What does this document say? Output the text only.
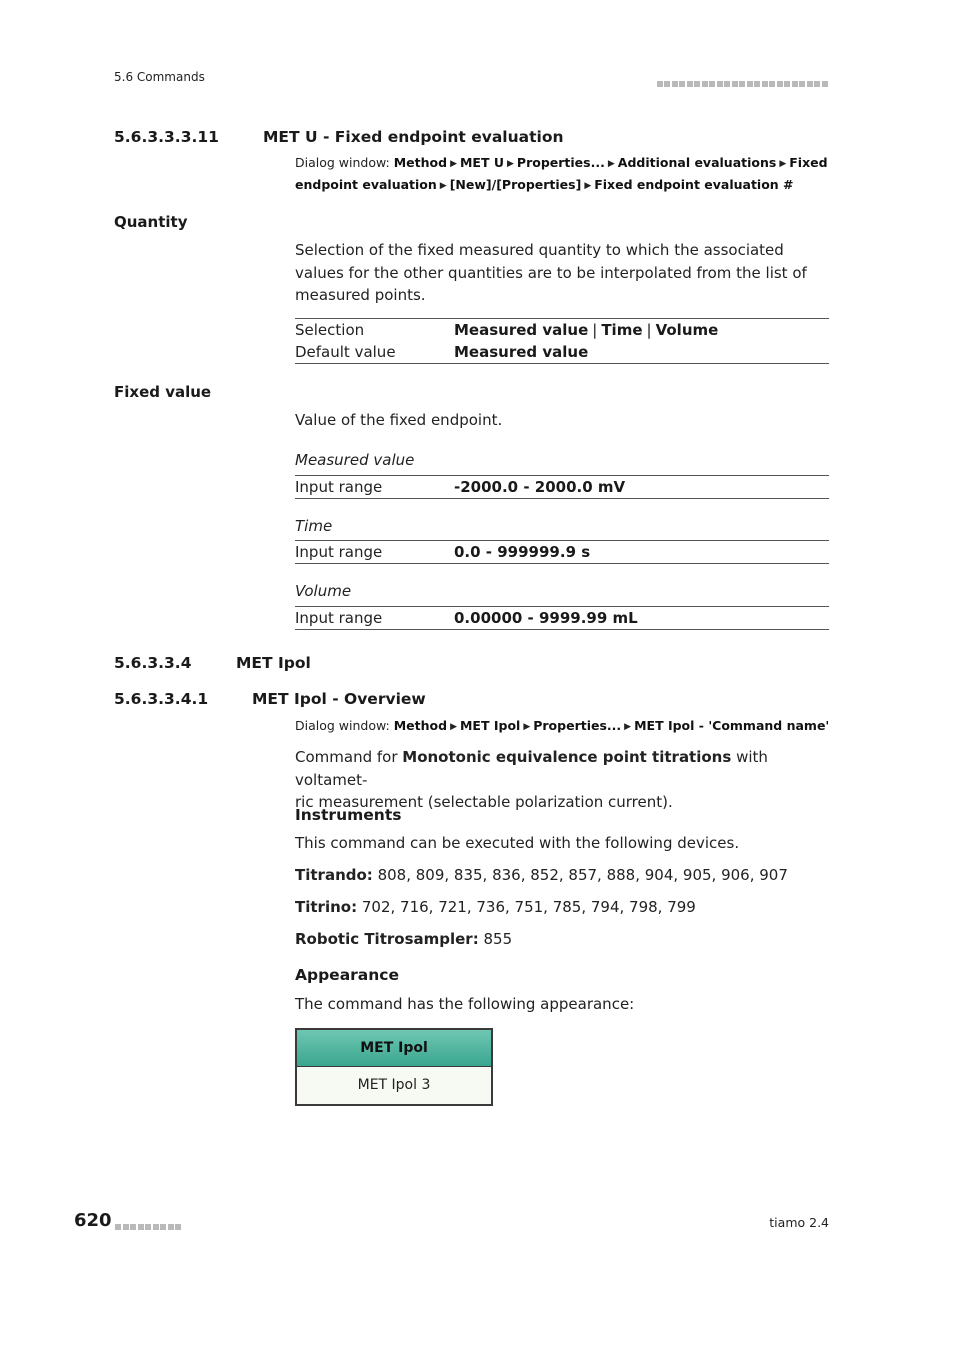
5.6 Commands
5.6.3.3.3.11	MET U - Fixed endpoint evaluation
Dialog window: Method ▶ MET U ▶ Properties... ▶ Additional evaluations ▶ Fixed endpoint evaluation ▶ [New]/[Properties] ▶ Fixed endpoint evaluation #
Quantity
Selection of the fixed measured quantity to which the associated values for the other quantities are to be interpolated from the list of measured points.
Selection	Measured value | Time | Volume
Default value	Measured value
Fixed value
Value of the fixed endpoint.
Measured value
Input range	-2000.0 - 2000.0 mV
Time
Input range	0.0 - 999999.9 s
Volume
Input range	0.00000 - 9999.99 mL
5.6.3.3.4	MET Ipol
5.6.3.3.4.1	MET Ipol - Overview
Dialog window: Method ▶ MET Ipol ▶ Properties... ▶ MET Ipol - 'Command name'
Command for Monotonic equivalence point titrations with voltamet-
ric measurement (selectable polarization current).
Instruments
This command can be executed with the following devices.
Titrando: 808, 809, 835, 836, 852, 857, 888, 904, 905, 906, 907
Titrino: 702, 716, 721, 736, 751, 785, 794, 798, 799
Robotic Titrosampler: 855
Appearance
The command has the following appearance:
MET Ipol
MET Ipol 3
620	tiamo 2.4
